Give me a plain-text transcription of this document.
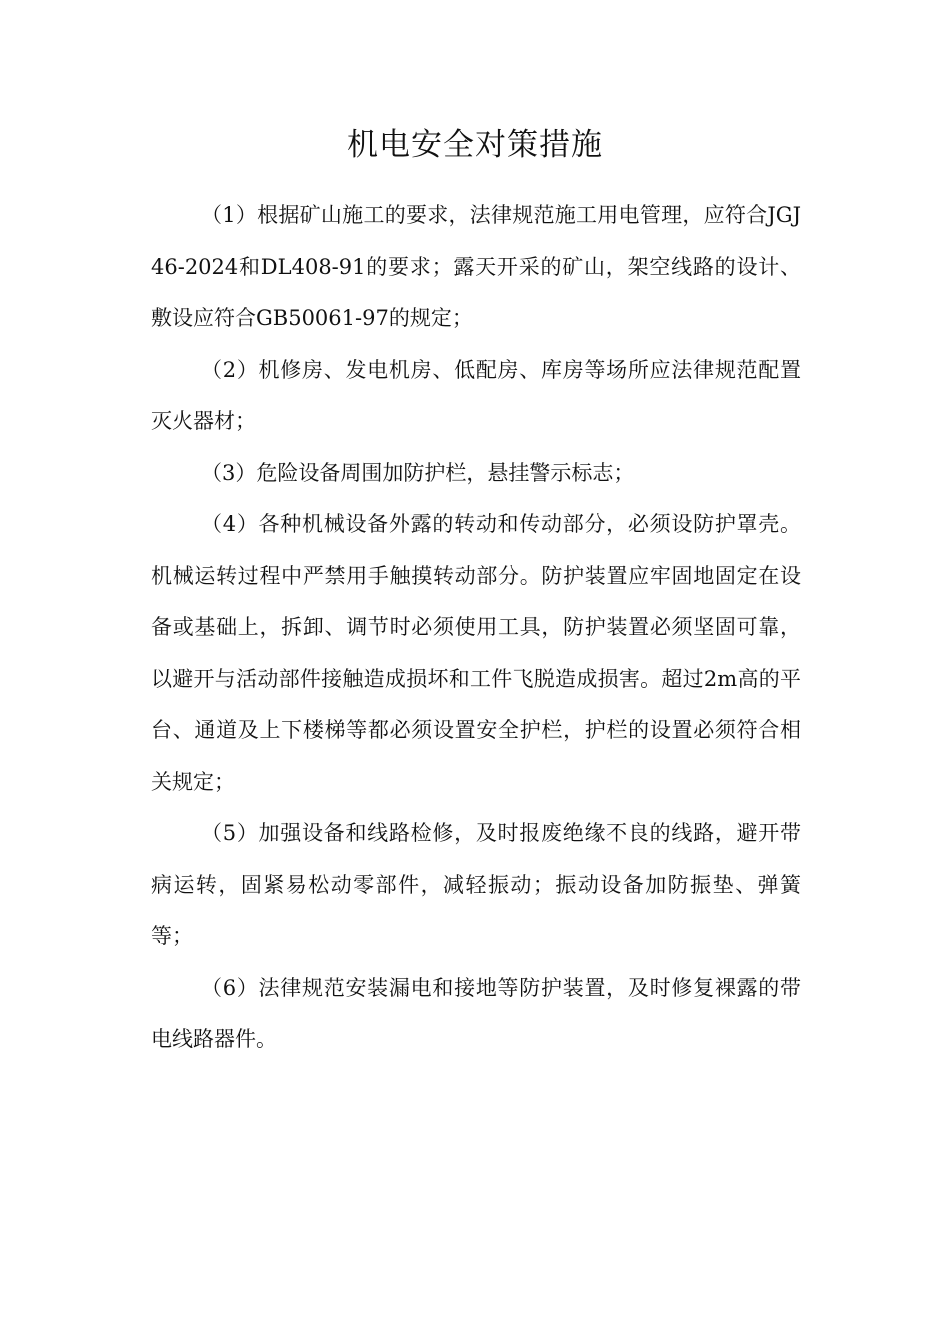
机电安全对策措施

（1）根据矿山施工的要求，法律规范施工用电管理，应符合JGJ46-2024和DL408-91的要求；露天开采的矿山，架空线路的设计、敷设应符合GB50061-97的规定；

（2）机修房、发电机房、低配房、库房等场所应法律规范配置灭火器材；

（3）危险设备周围加防护栏，悬挂警示标志；

（4）各种机械设备外露的转动和传动部分，必须设防护罩壳。机械运转过程中严禁用手触摸转动部分。防护装置应牢固地固定在设备或基础上，拆卸、调节时必须使用工具，防护装置必须坚固可靠，以避开与活动部件接触造成损坏和工件飞脱造成损害。超过2m高的平台、通道及上下楼梯等都必须设置安全护栏，护栏的设置必须符合相关规定；

（5）加强设备和线路检修，及时报废绝缘不良的线路，避开带病运转，固紧易松动零部件，减轻振动；振动设备加防振垫、弹簧等；

（6）法律规范安装漏电和接地等防护装置，及时修复裸露的带电线路器件。
